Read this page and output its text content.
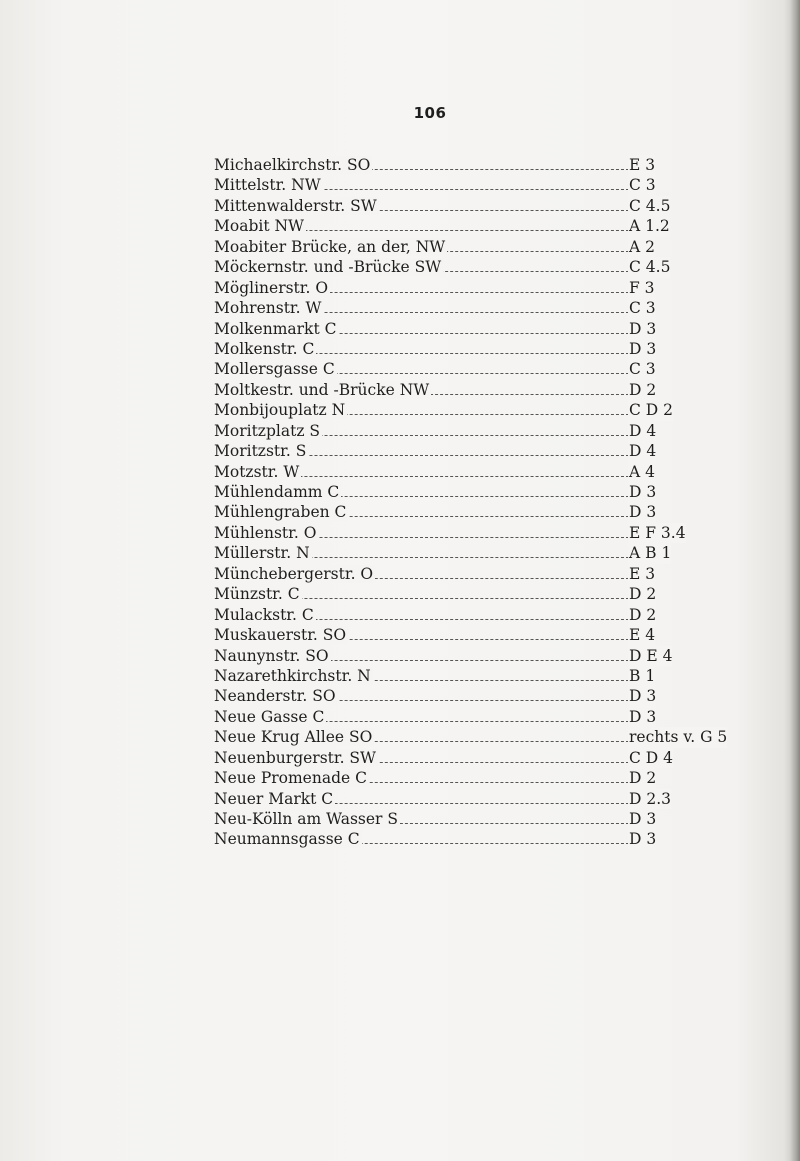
106
Michaelkirchstr. SO	E 3
Mittelstr. NW	C 3
Mittenwalderstr. SW	C 4.5
Moabit NW	A 1.2
Moabiter Brücke, an der, NW	A 2
Möckernstr. und -Brücke SW	C 4.5
Möglinerstr. O	F 3
Mohrenstr. W	C 3
Molkenmarkt C	D 3
Molkenstr. C	D 3
Mollersgasse C	C 3
Moltkestr. und -Brücke NW	D 2
Monbijouplatz N	C D 2
Moritzplatz S	D 4
Moritzstr. S	D 4
Motzstr. W	A 4
Mühlendamm C	D 3
Mühlengraben C	D 3
Mühlenstr. O	E F 3.4
Müllerstr. N	A B 1
Münchebergerstr. O	E 3
Münzstr. C	D 2
Mulackstr. C	D 2
Muskauerstr. SO	E 4
Naunynstr. SO	D E 4
Nazarethkirchstr. N	B 1
Neanderstr. SO	D 3
Neue Gasse C	D 3
Neue Krug Allee SO	rechts v. G 5
Neuenburgerstr. SW	C D 4
Neue Promenade C	D 2
Neuer Markt C	D 2.3
Neu-Kölln am Wasser S	D 3
Neumannsgasse C	D 3
